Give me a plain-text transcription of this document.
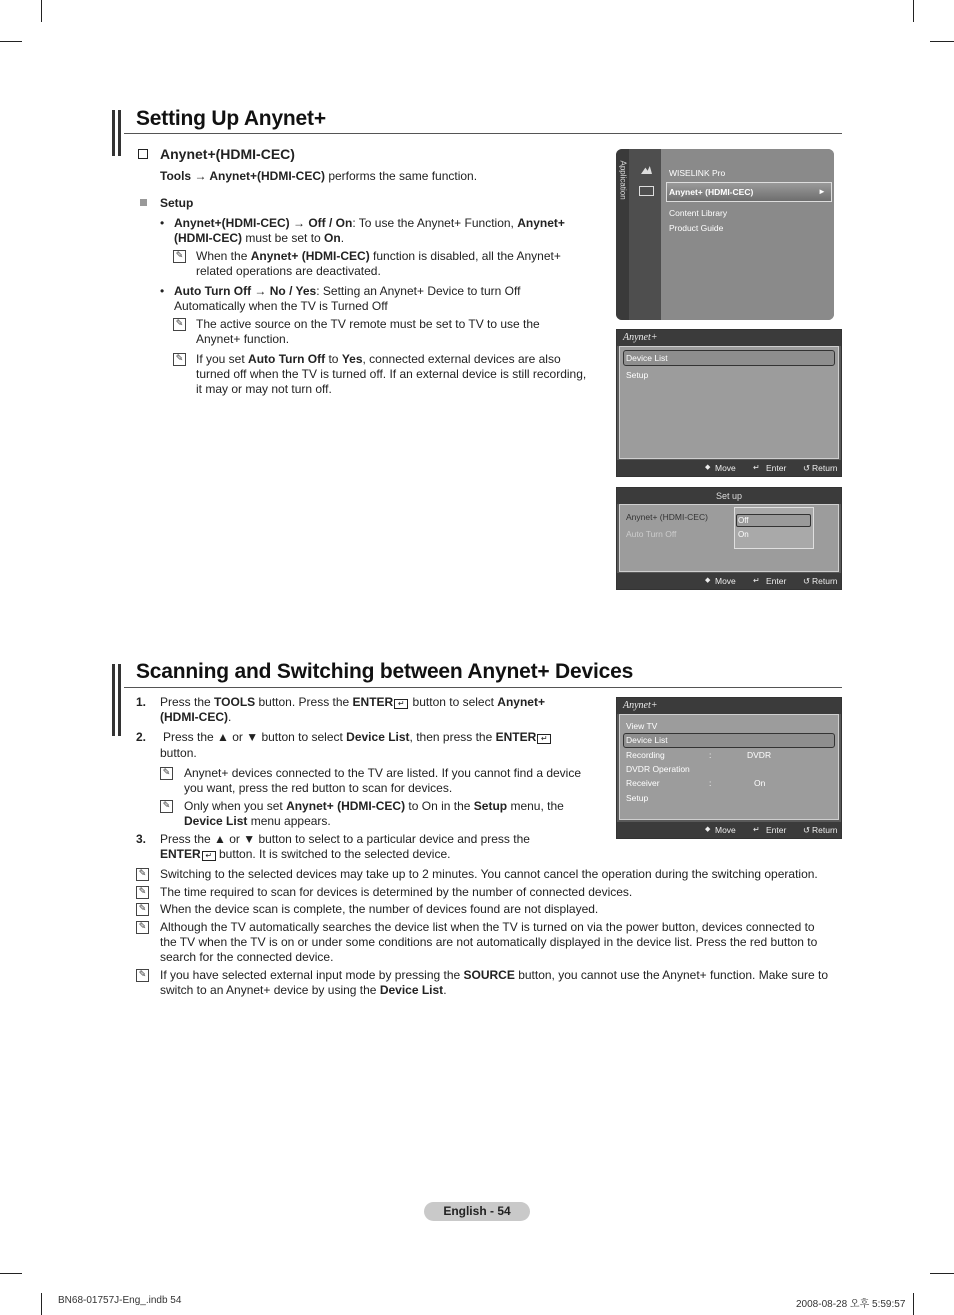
Setting Up Anynet+
Anynet+(HDMI-CEC)
Tools → Anynet+(HDMI-CEC) performs the same function.
Setup
• Anynet+(HDMI-CEC) → Off / On: To use the Anynet+ Function, Anynet+
(HDMI-CEC) must be set to On.
✎ When the Anynet+ (HDMI-CEC) function is disabled, all the Anynet+
related operations are deactivated.
• Auto Turn Off → No / Yes: Setting an Anynet+ Device to turn Off
Automatically when the TV is Turned Off
✎ The active source on the TV remote must be set to TV to use the
Anynet+ function.
✎ If you set Auto Turn Off to Yes, connected external devices are also
turned off when the TV is turned off. If an external device is still recording,
it may or may not turn off.
Application	WISELINK Pro
Anynet+ (HDMI-CEC)	►
Content Library
Product Guide
Anynet+
Device List
Setup
◆ Move ↵ Enter ↺ Return
Set up
Anynet+ (HDMI-CEC)
Auto Turn Off
Off
On
◆ Move ↵ Enter ↺ Return
Scanning and Switching between Anynet+ Devices
1. Press the TOOLS button. Press the ENTER ↵ button to select Anynet+
(HDMI-CEC).
2. Press the ▲ or ▼ button to select Device List, then press the ENTER ↵
button.
✎ Anynet+ devices connected to the TV are listed. If you cannot find a device
you want, press the red button to scan for devices.
✎ Only when you set Anynet+ (HDMI-CEC) to On in the Setup menu, the
Device List menu appears.
3. Press the ▲ or ▼ button to select to a particular device and press the
ENTER ↵ button. It is switched to the selected device.
✎ Switching to the selected devices may take up to 2 minutes. You cannot cancel the operation during the switching operation.
✎ The time required to scan for devices is determined by the number of connected devices.
✎ When the device scan is complete, the number of devices found are not displayed.
✎ Although the TV automatically searches the device list when the TV is turned on via the power button, devices connected to
the TV when the TV is on or under some conditions are not automatically displayed in the device list. Press the red button to
search for the connected device.
✎ If you have selected external input mode by pressing the SOURCE button, you cannot use the Anynet+ function. Make sure to
switch to an Anynet+ device by using the Device List.
Anynet+
View TV
Device List
Recording	:	DVDR
DVDR Operation
Receiver	:	On
Setup
◆ Move ↵ Enter ↺ Return
English - 54
BN68-01757J-Eng_.indb 54	2008-08-28 오후 5:59:57
